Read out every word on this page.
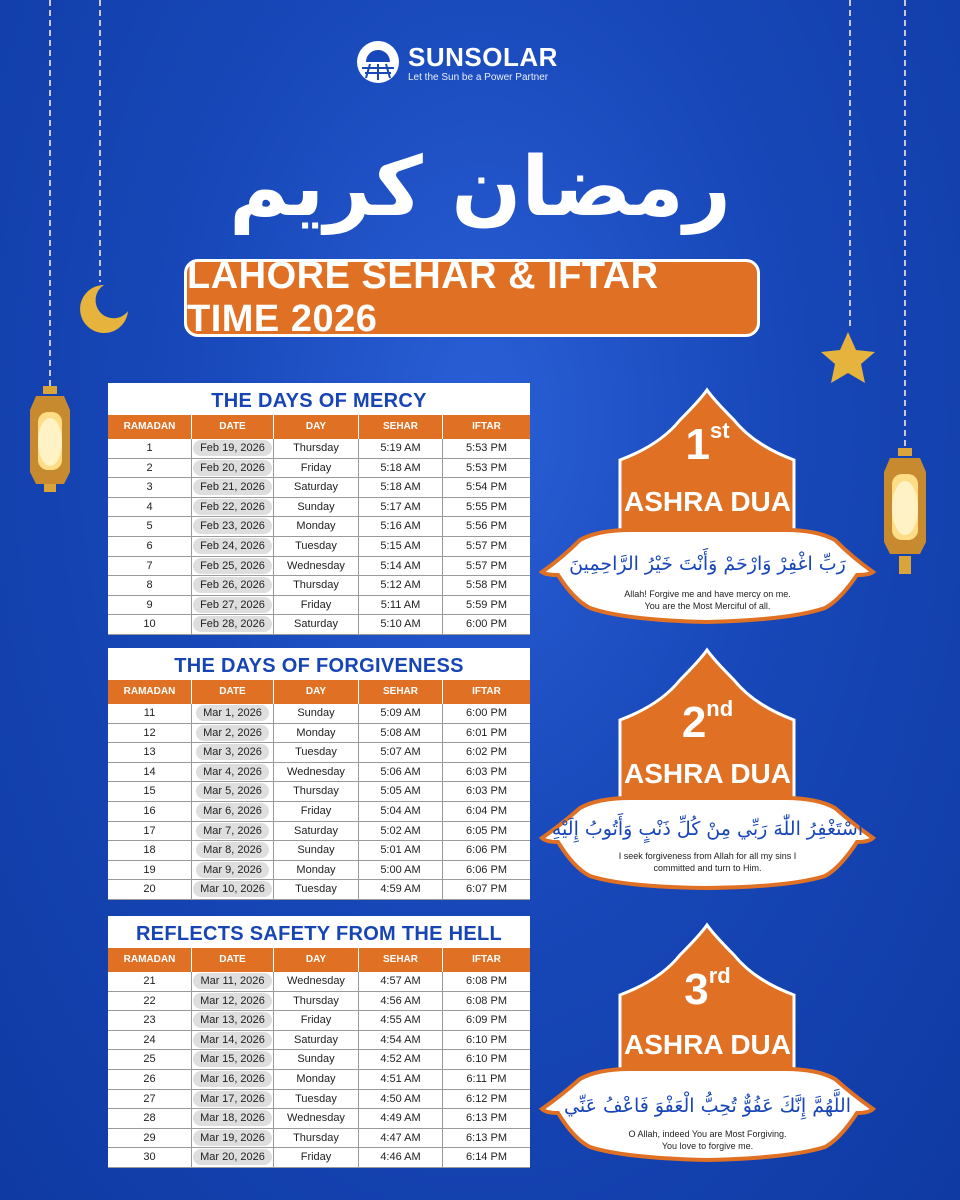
SUNSOLAR
Let the Sun be a Power Partner
رمضان كريم
LAHORE SEHAR & IFTAR TIME 2026
THE DAYS OF MERCY
RAMADAN	DATE	DAY	SEHAR	IFTAR
1	Feb 19, 2026	Thursday	5:19 AM	5:53 PM
2	Feb 20, 2026	Friday	5:18 AM	5:53 PM
3	Feb 21, 2026	Saturday	5:18 AM	5:54 PM
4	Feb 22, 2026	Sunday	5:17 AM	5:55 PM
5	Feb 23, 2026	Monday	5:16 AM	5:56 PM
6	Feb 24, 2026	Tuesday	5:15 AM	5:57 PM
7	Feb 25, 2026	Wednesday	5:14 AM	5:57 PM
8	Feb 26, 2026	Thursday	5:12 AM	5:58 PM
9	Feb 27, 2026	Friday	5:11 AM	5:59 PM
10	Feb 28, 2026	Saturday	5:10 AM	6:00 PM
THE DAYS OF FORGIVENESS
RAMADAN	DATE	DAY	SEHAR	IFTAR
11	Mar 1, 2026	Sunday	5:09 AM	6:00 PM
12	Mar 2, 2026	Monday	5:08 AM	6:01 PM
13	Mar 3, 2026	Tuesday	5:07 AM	6:02 PM
14	Mar 4, 2026	Wednesday	5:06 AM	6:03 PM
15	Mar 5, 2026	Thursday	5:05 AM	6:03 PM
16	Mar 6, 2026	Friday	5:04 AM	6:04 PM
17	Mar 7, 2026	Saturday	5:02 AM	6:05 PM
18	Mar 8, 2026	Sunday	5:01 AM	6:06 PM
19	Mar 9, 2026	Monday	5:00 AM	6:06 PM
20	Mar 10, 2026	Tuesday	4:59 AM	6:07 PM
REFLECTS SAFETY FROM THE HELL
RAMADAN	DATE	DAY	SEHAR	IFTAR
21	Mar 11, 2026	Wednesday	4:57 AM	6:08 PM
22	Mar 12, 2026	Thursday	4:56 AM	6:08 PM
23	Mar 13, 2026	Friday	4:55 AM	6:09 PM
24	Mar 14, 2026	Saturday	4:54 AM	6:10 PM
25	Mar 15, 2026	Sunday	4:52 AM	6:10 PM
26	Mar 16, 2026	Monday	4:51 AM	6:11 PM
27	Mar 17, 2026	Tuesday	4:50 AM	6:12 PM
28	Mar 18, 2026	Wednesday	4:49 AM	6:13 PM
29	Mar 19, 2026	Thursday	4:47 AM	6:13 PM
30	Mar 20, 2026	Friday	4:46 AM	6:14 PM
1st
ASHRA DUA
رَبِّ اغْفِرْ وَارْحَمْ وَأَنْتَ خَيْرُ الرَّاحِمِينَ
Allah! Forgive me and have mercy on me.
You are the Most Merciful of all.
2nd
ASHRA DUA
أَسْتَغْفِرُ اللّٰهَ رَبِّي مِنْ كُلِّ ذَنْبٍ وَأَتُوبُ إِلَيْهِ
I seek forgiveness from Allah for all my sins I
committed and turn to Him.
3rd
ASHRA DUA
اللَّهُمَّ إِنَّكَ عَفُوٌّ تُحِبُّ الْعَفْوَ فَاعْفُ عَنِّي
O Allah, indeed You are Most Forgiving.
You love to forgive me.
